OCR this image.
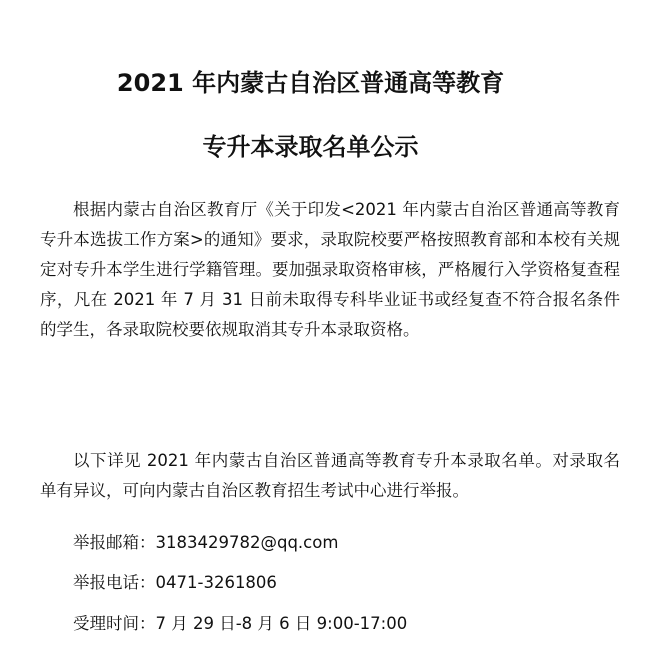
2021 年内蒙古自治区普通高等教育
专升本录取名单公示

根据内蒙古自治区教育厅《关于印发<2021 年内蒙古自治区普通高等教育专升本选拔工作方案>的通知》要求，录取院校要严格按照教育部和本校有关规定对专升本学生进行学籍管理。要加强录取资格审核，严格履行入学资格复查程序，凡在 2021 年 7 月 31 日前未取得专科毕业证书或经复查不符合报名条件的学生，各录取院校要依规取消其专升本录取资格。

以下详见 2021 年内蒙古自治区普通高等教育专升本录取名单。对录取名单有异议，可向内蒙古自治区教育招生考试中心进行举报。

举报邮箱：3183429782@qq.com
举报电话：0471-3261806
受理时间：7 月 29 日-8 月 6 日 9:00-17:00
